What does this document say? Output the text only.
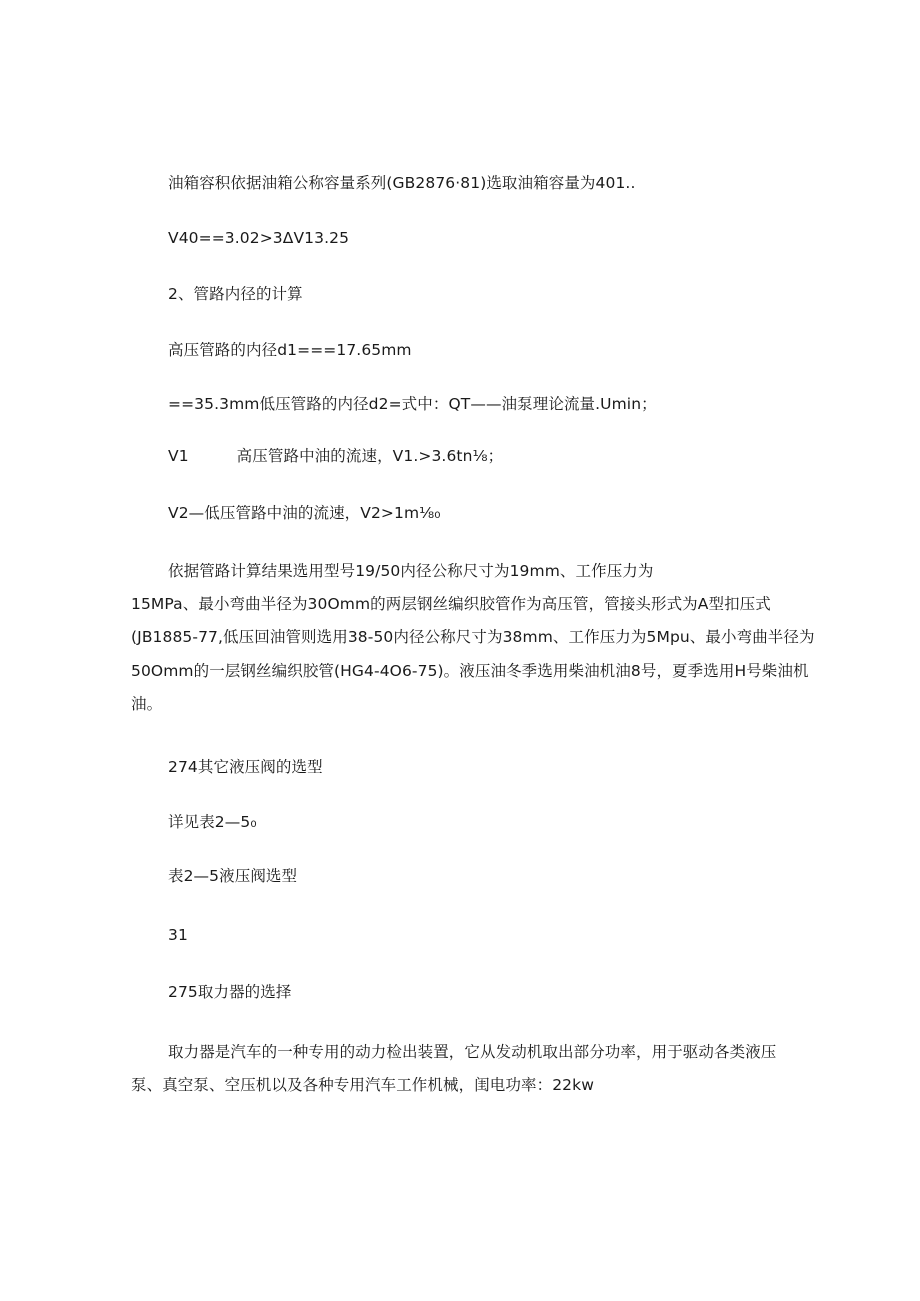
油箱容积依据油箱公称容量系列(GB2876·81)选取油箱容量为401..
V40==3.02>3ΔV13.25
2、管路内径的计算
高压管路的内径d1===17.65mm
==35.3mm低压管路的内径d2=式中：QT——油泵理论流量.Umin；
V1	高压管路中油的流速，V1.>3.6tn⅛；
V2—低压管路中油的流速，V2>1m⅛₀
依据管路计算结果选用型号19/50内径公称尺寸为19mm、工作压力为
15MPa、最小弯曲半径为30Omm的两层钢丝编织胶管作为高压管，管接头形式为A型扣压式
(JB1885-77,低压回油管则选用38-50内径公称尺寸为38mm、工作压力为5Mpu、最小弯曲半径为
50Omm的一层钢丝编织胶管(HG4-4O6-75)。液压油冬季选用柴油机油8号，夏季选用H号柴油机
油。
274其它液压阀的选型
详见表2—5₀
表2—5液压阀选型
31
275取力器的选择
取力器是汽车的一种专用的动力检出装置，它从发动机取出部分功率，用于驱动各类液压
泵、真空泵、空压机以及各种专用汽车工作机械，闺电功率：22kw
